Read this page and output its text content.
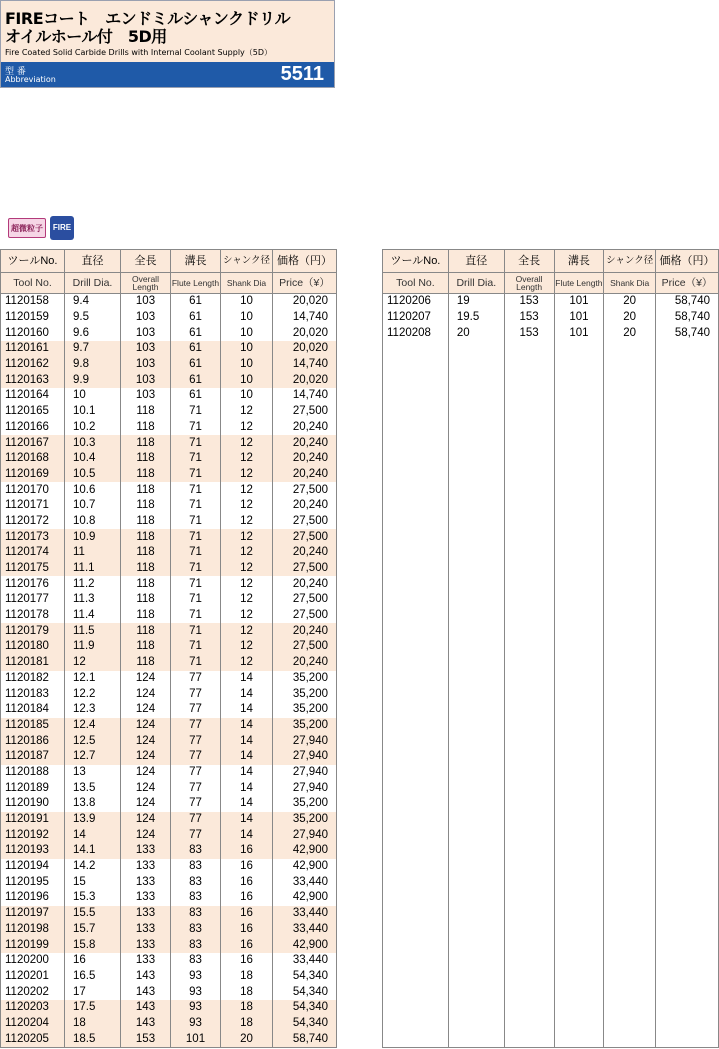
FIREコート　エンドミルシャンクドリル
オイルホール付　5D用
Fire Coated Solid Carbide Drills with Internal Coolant Supply（5D）
型 番
Abbreviation	5511
超微粒子	FIRE
ツールNo.	直径	全長	溝長	シャンク径	価格（円）
Tool No.	Drill Dia.	Overall Length	Flute Length	Shank Dia	Price（¥）
1120158	9.4	103	61	10	20,020
1120159	9.5	103	61	10	14,740
1120160	9.6	103	61	10	20,020
1120161	9.7	103	61	10	20,020
1120162	9.8	103	61	10	14,740
1120163	9.9	103	61	10	20,020
1120164	10	103	61	10	14,740
1120165	10.1	118	71	12	27,500
1120166	10.2	118	71	12	20,240
1120167	10.3	118	71	12	20,240
1120168	10.4	118	71	12	20,240
1120169	10.5	118	71	12	20,240
1120170	10.6	118	71	12	27,500
1120171	10.7	118	71	12	20,240
1120172	10.8	118	71	12	27,500
1120173	10.9	118	71	12	27,500
1120174	11	118	71	12	20,240
1120175	11.1	118	71	12	27,500
1120176	11.2	118	71	12	20,240
1120177	11.3	118	71	12	27,500
1120178	11.4	118	71	12	27,500
1120179	11.5	118	71	12	20,240
1120180	11.9	118	71	12	27,500
1120181	12	118	71	12	20,240
1120182	12.1	124	77	14	35,200
1120183	12.2	124	77	14	35,200
1120184	12.3	124	77	14	35,200
1120185	12.4	124	77	14	35,200
1120186	12.5	124	77	14	27,940
1120187	12.7	124	77	14	27,940
1120188	13	124	77	14	27,940
1120189	13.5	124	77	14	27,940
1120190	13.8	124	77	14	35,200
1120191	13.9	124	77	14	35,200
1120192	14	124	77	14	27,940
1120193	14.1	133	83	16	42,900
1120194	14.2	133	83	16	42,900
1120195	15	133	83	16	33,440
1120196	15.3	133	83	16	42,900
1120197	15.5	133	83	16	33,440
1120198	15.7	133	83	16	33,440
1120199	15.8	133	83	16	42,900
1120200	16	133	83	16	33,440
1120201	16.5	143	93	18	54,340
1120202	17	143	93	18	54,340
1120203	17.5	143	93	18	54,340
1120204	18	143	93	18	54,340
1120205	18.5	153	101	20	58,740
ツールNo.	直径	全長	溝長	シャンク径	価格（円）
Tool No.	Drill Dia.	Overall Length	Flute Length	Shank Dia	Price（¥）
1120206	19	153	101	20	58,740
1120207	19.5	153	101	20	58,740
1120208	20	153	101	20	58,740
